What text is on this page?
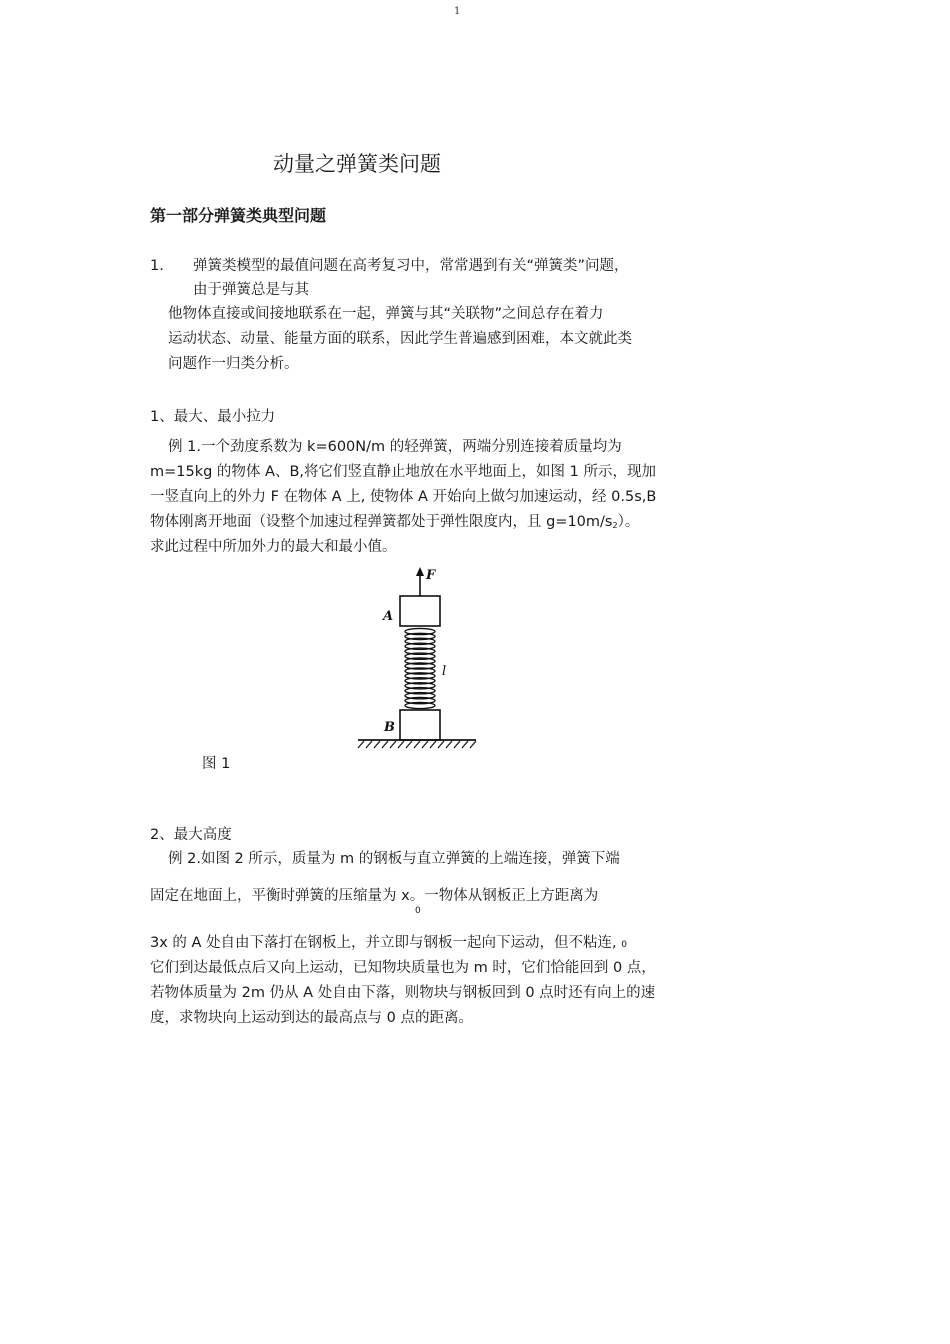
1
动量之弹簧类问题
第一部分弹簧类典型问题
1. 弹簧类模型的最值问题在高考复习中，常常遇到有关“弹簧类”问题，
由于弹簧总是与其
他物体直接或间接地联系在一起，弹簧与其“关联物”之间总存在着力
运动状态、动量、能量方面的联系，因此学生普遍感到困难，本文就此类
问题作一归类分析。
1、最大、最小拉力
例 1.一个劲度系数为 k=600N/m 的轻弹簧，两端分别连接着质量均为
m=15kg 的物体 A、B,将它们竖直静止地放在水平地面上，如图 1 所示，现加
一竖直向上的外力 F 在物体 A 上, 使物体 A 开始向上做匀加速运动，经 0.5s,B
物体刚离开地面（设整个加速过程弹簧都处于弹性限度内，且 $g=10m/s_2$）。
求此过程中所加外力的最大和最小值。
F
A
l
B
图 1
2、最大高度
例 2.如图 2 所示，质量为 m 的钢板与直立弹簧的上端连接，弹簧下端
固定在地面上，平衡时弹簧的压缩量为 x。一物体从钢板正上方距离为
0
3x 的 A 处自由下落打在钢板上，并立即与钢板一起向下运动，但不粘连, 0
它们到达最低点后又向上运动，已知物块质量也为 m 时，它们恰能回到 0 点，
若物体质量为 2m 仍从 A 处自由下落，则物块与钢板回到 0 点时还有向上的速
度，求物块向上运动到达的最高点与 0 点的距离。
